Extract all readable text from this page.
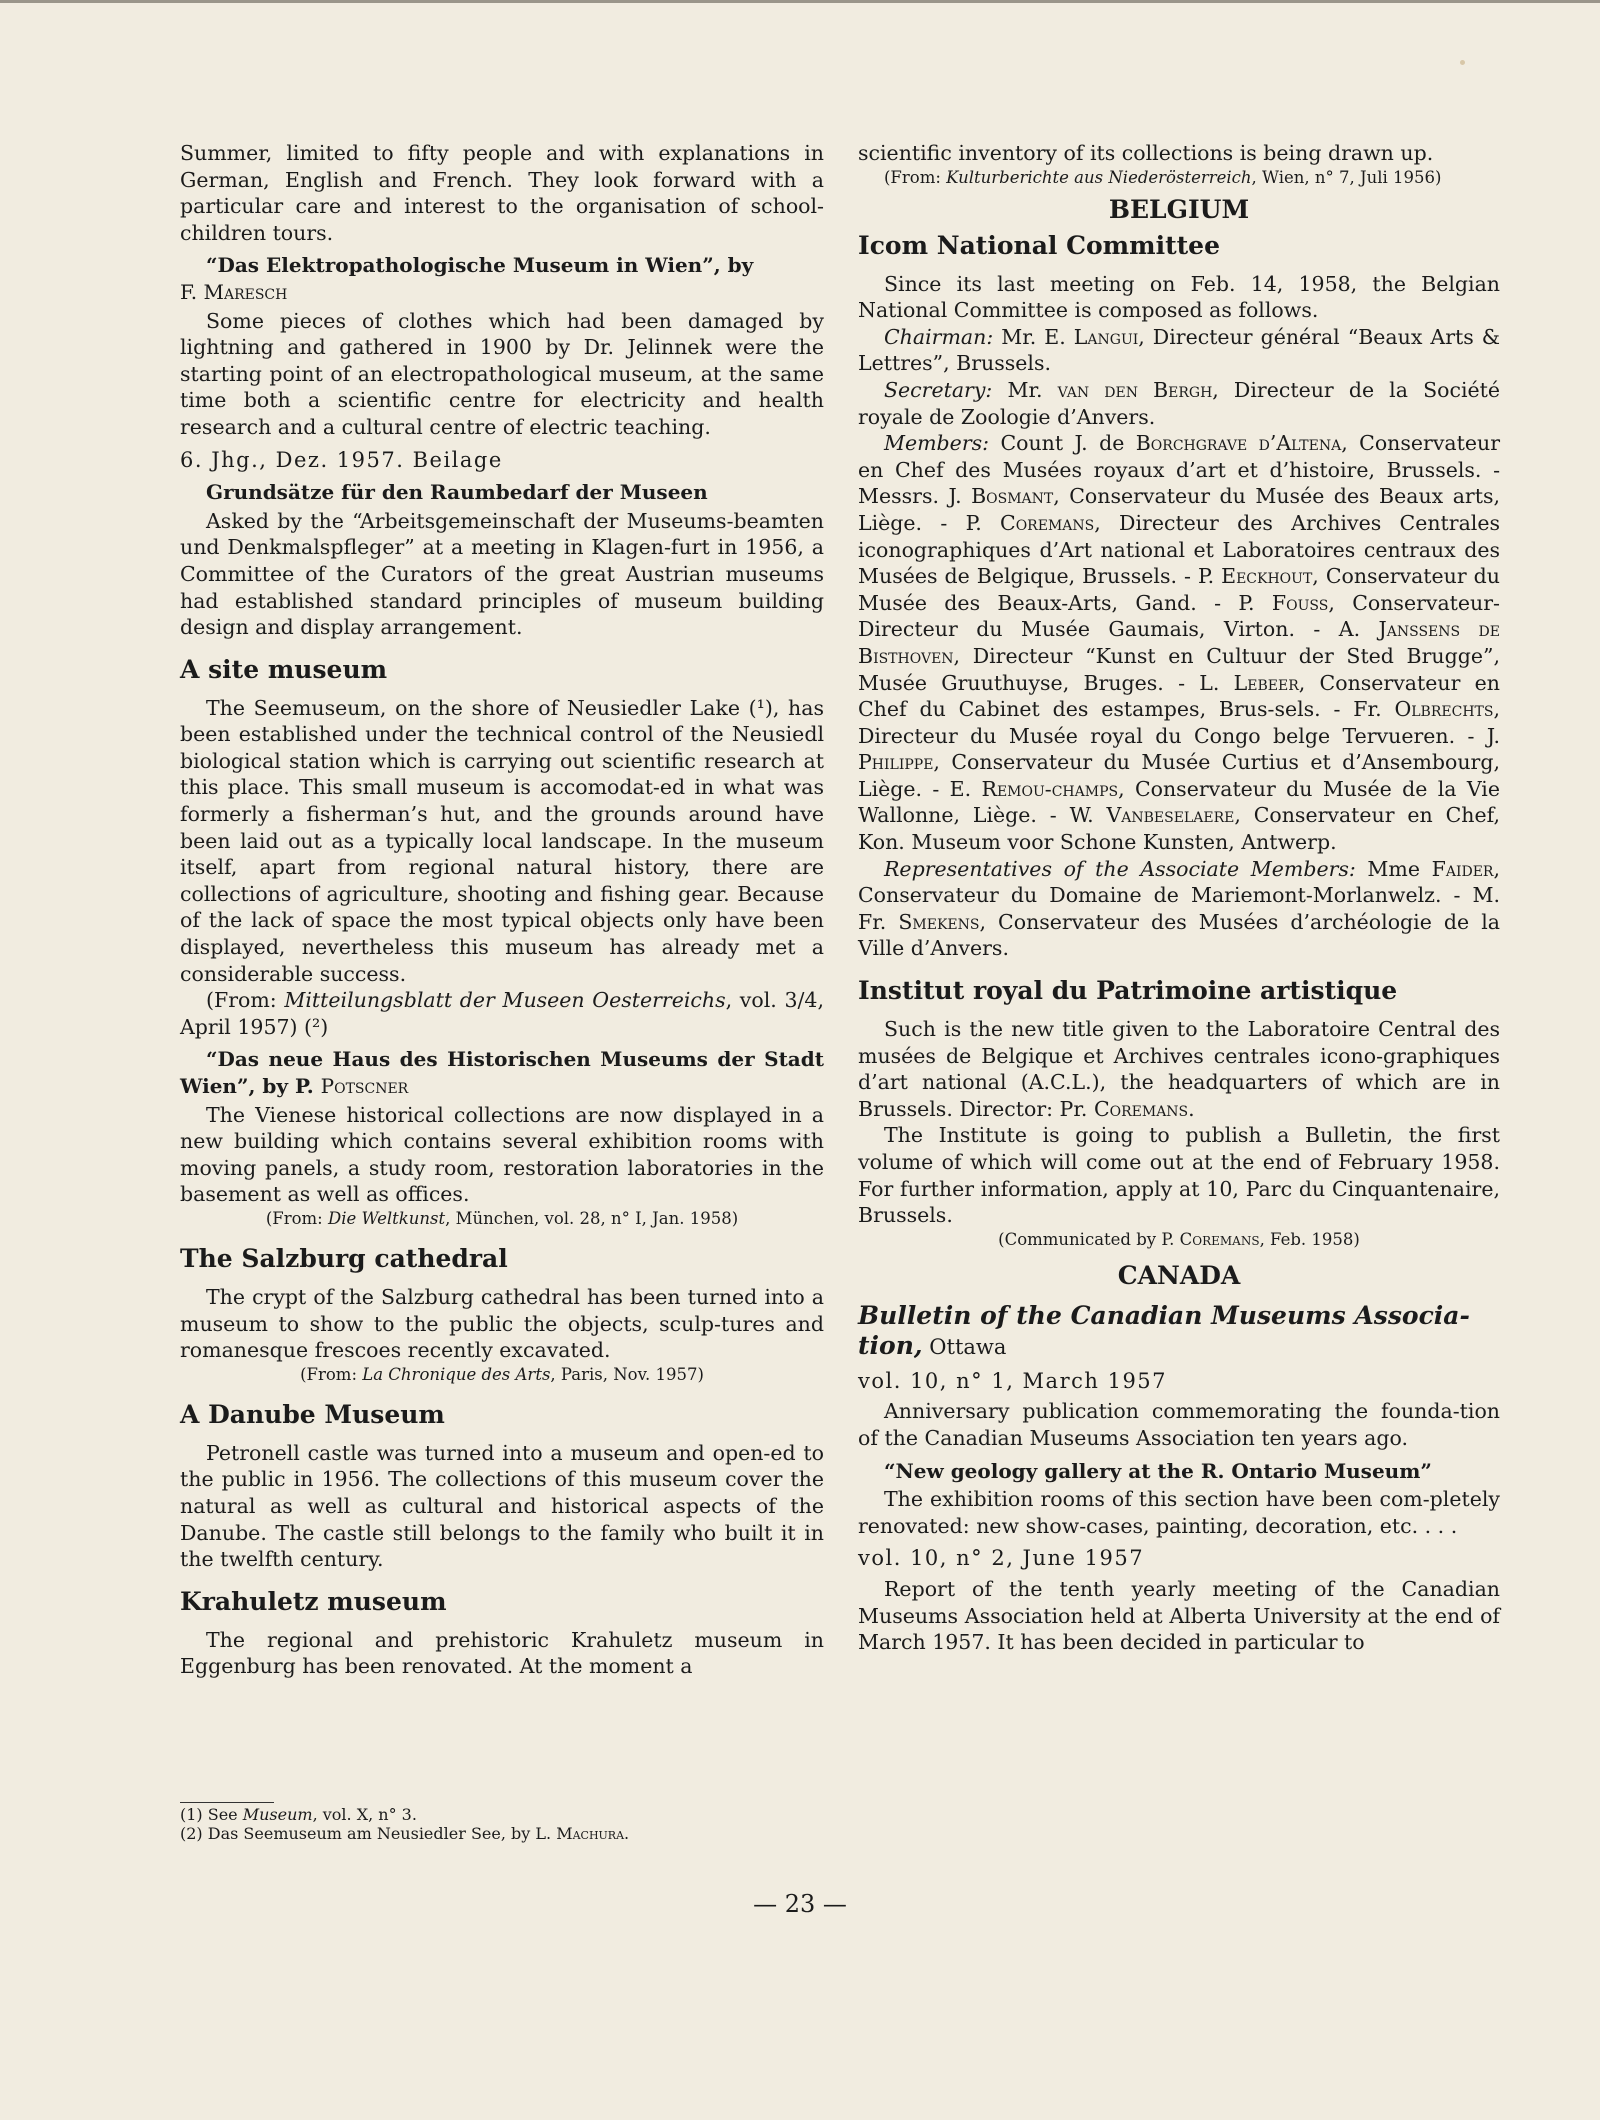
Summer, limited to fifty people and with explanations in German, English and French. They look forward with a particular care and interest to the organisation of school-children tours.

“Das Elektropathologische Museum in Wien”, by
F. Maresch

Some pieces of clothes which had been damaged by lightning and gathered in 1900 by Dr. Jelinnek were the starting point of an electropathological museum, at the same time both a scientific centre for electricity and health research and a cultural centre of electric teaching.

6. Jhg., Dez. 1957. Beilage

Grundsätze für den Raumbedarf der Museen

Asked by the “Arbeitsgemeinschaft der Museums-beamten und Denkmalspfleger” at a meeting in Klagen-furt in 1956, a Committee of the Curators of the great Austrian museums had established standard principles of museum building design and display arrangement.

A site museum

The Seemuseum, on the shore of Neusiedler Lake (¹), has been established under the technical control of the Neusiedl biological station which is carrying out scientific research at this place. This small museum is accomodat-ed in what was formerly a fisherman’s hut, and the grounds around have been laid out as a typically local landscape. In the museum itself, apart from regional natural history, there are collections of agriculture, shooting and fishing gear. Because of the lack of space the most typical objects only have been displayed, nevertheless this museum has already met a considerable success.

(From: Mitteilungsblatt der Museen Oesterreichs, vol. 3/4, April 1957) (²)

“Das neue Haus des Historischen Museums der Stadt Wien”, by P. Potscner

The Vienese historical collections are now displayed in a new building which contains several exhibition rooms with moving panels, a study room, restoration laboratories in the basement as well as offices.

(From: Die Weltkunst, München, vol. 28, n° I, Jan. 1958)

The Salzburg cathedral

The crypt of the Salzburg cathedral has been turned into a museum to show to the public the objects, sculp-tures and romanesque frescoes recently excavated.

(From: La Chronique des Arts, Paris, Nov. 1957)

A Danube Museum

Petronell castle was turned into a museum and open-ed to the public in 1956. The collections of this museum cover the natural as well as cultural and historical aspects of the Danube. The castle still belongs to the family who built it in the twelfth century.

Krahuletz museum

The regional and prehistoric Krahuletz museum in Eggenburg has been renovated. At the moment a

(1) See Museum, vol. X, n° 3.
(2) Das Seemuseum am Neusiedler See, by L. Machura.

scientific inventory of its collections is being drawn up.

(From: Kulturberichte aus Niederösterreich, Wien, n° 7, Juli 1956)

BELGIUM
Icom National Committee

Since its last meeting on Feb. 14, 1958, the Belgian National Committee is composed as follows.

Chairman: Mr. E. Langui, Directeur général “Beaux Arts & Lettres”, Brussels.

Secretary: Mr. van den Bergh, Directeur de la Société royale de Zoologie d’Anvers.

Members: Count J. de Borchgrave d’Altena, Conservateur en Chef des Musées royaux d’art et d’histoire, Brussels. - Messrs. J. Bosmant, Conservateur du Musée des Beaux arts, Liège. - P. Coremans, Directeur des Archives Centrales iconographiques d’Art national et Laboratoires centraux des Musées de Belgique, Brussels. - P. Eeckhout, Conservateur du Musée des Beaux-Arts, Gand. - P. Fouss, Conservateur-Directeur du Musée Gaumais, Virton. - A. Janssens de Bisthoven, Directeur “Kunst en Cultuur der Sted Brugge”, Musée Gruuthuyse, Bruges. - L. Lebeer, Conservateur en Chef du Cabinet des estampes, Brus-sels. - Fr. Olbrechts, Directeur du Musée royal du Congo belge Tervueren. - J. Philippe, Conservateur du Musée Curtius et d’Ansembourg, Liège. - E. Remou-champs, Conservateur du Musée de la Vie Wallonne, Liège. - W. Vanbeselaere, Conservateur en Chef, Kon. Museum voor Schone Kunsten, Antwerp.

Representatives of the Associate Members: Mme Faider, Conservateur du Domaine de Mariemont-Morlanwelz. - M. Fr. Smekens, Conservateur des Musées d’archéologie de la Ville d’Anvers.

Institut royal du Patrimoine artistique

Such is the new title given to the Laboratoire Central des musées de Belgique et Archives centrales icono-graphiques d’art national (A.C.L.), the headquarters of which are in Brussels. Director: Pr. Coremans.

The Institute is going to publish a Bulletin, the first volume of which will come out at the end of February 1958. For further information, apply at 10, Parc du Cinquantenaire, Brussels.

(Communicated by P. Coremans, Feb. 1958)

CANADA
Bulletin of the Canadian Museums Associa-tion, Ottawa

vol. 10, n° 1, March 1957

Anniversary publication commemorating the founda-tion of the Canadian Museums Association ten years ago.

“New geology gallery at the R. Ontario Museum”

The exhibition rooms of this section have been com-pletely renovated: new show-cases, painting, decoration, etc. . . .

vol. 10, n° 2, June 1957

Report of the tenth yearly meeting of the Canadian Museums Association held at Alberta University at the end of March 1957. It has been decided in particular to

— 23 —
